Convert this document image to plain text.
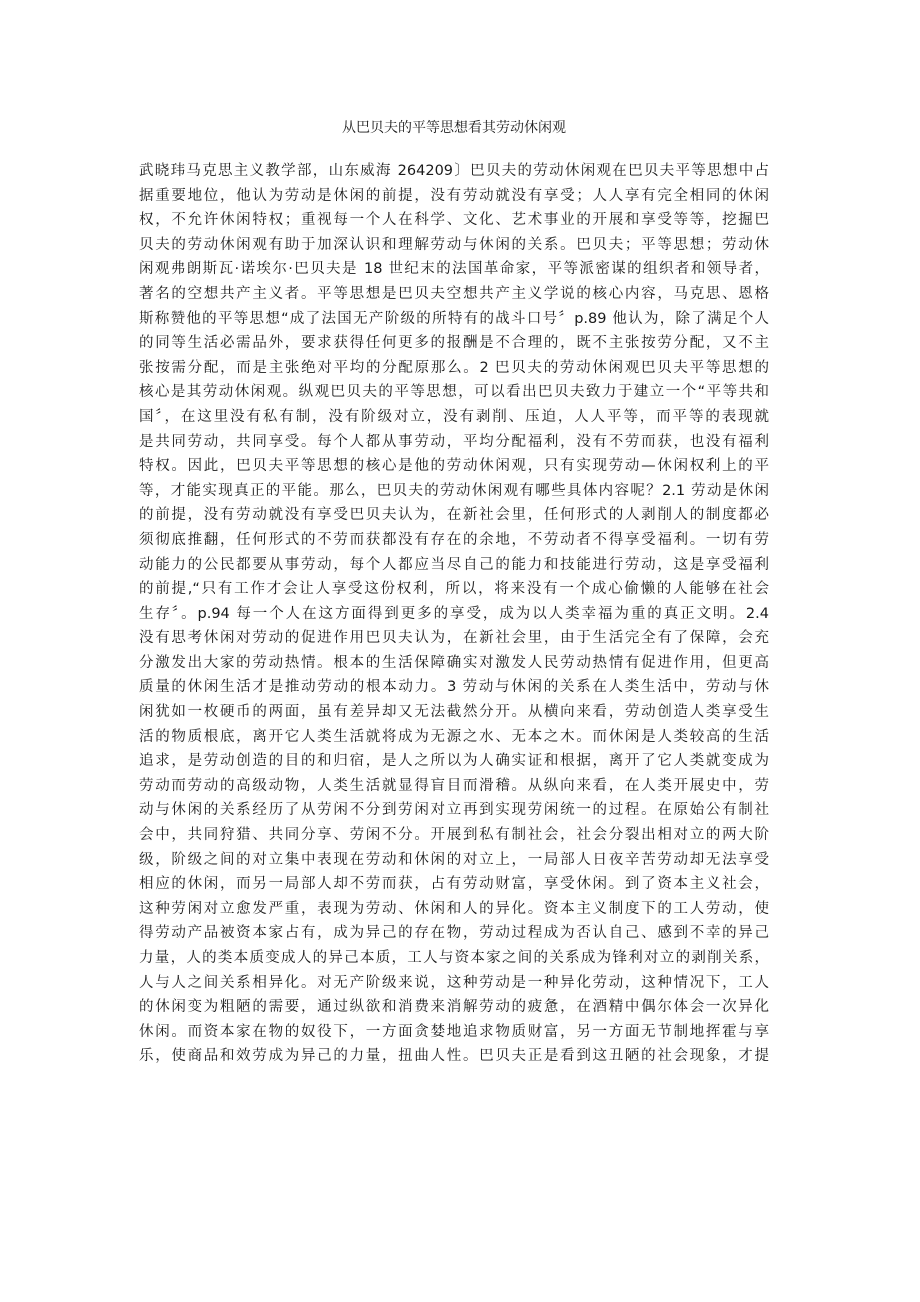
从巴贝夫的平等思想看其劳动休闲观
武晓玮马克思主义教学部，山东威海 264209〕巴贝夫的劳动休闲观在巴贝夫平等思想中占
据重要地位，他认为劳动是休闲的前提，没有劳动就没有享受；人人享有完全相同的休闲
权，不允许休闲特权；重视每一个人在科学、文化、艺术事业的开展和享受等等，挖掘巴
贝夫的劳动休闲观有助于加深认识和理解劳动与休闲的关系。巴贝夫；平等思想；劳动休
闲观弗朗斯瓦·诺埃尔·巴贝夫是 18 世纪末的法国革命家，平等派密谋的组织者和领导者，
著名的空想共产主义者。平等思想是巴贝夫空想共产主义学说的核心内容，马克思、恩格
斯称赞他的平等思想“成了法国无产阶级的所特有的战斗口号〞p.89 他认为，除了满足个人
的同等生活必需品外，要求获得任何更多的报酬是不合理的，既不主张按劳分配，又不主
张按需分配，而是主张绝对平均的分配原那么。2 巴贝夫的劳动休闲观巴贝夫平等思想的
核心是其劳动休闲观。纵观巴贝夫的平等思想，可以看出巴贝夫致力于建立一个“平等共和
国〞，在这里没有私有制，没有阶级对立，没有剥削、压迫，人人平等，而平等的表现就
是共同劳动，共同享受。每个人都从事劳动，平均分配福利，没有不劳而获，也没有福利
特权。因此，巴贝夫平等思想的核心是他的劳动休闲观，只有实现劳动—休闲权利上的平
等，才能实现真正的平能。那么，巴贝夫的劳动休闲观有哪些具体内容呢？2.1 劳动是休闲
的前提，没有劳动就没有享受巴贝夫认为，在新社会里，任何形式的人剥削人的制度都必
须彻底推翻，任何形式的不劳而获都没有存在的余地，不劳动者不得享受福利。一切有劳
动能力的公民都要从事劳动，每个人都应当尽自己的能力和技能进行劳动，这是享受福利
的前提,“只有工作才会让人享受这份权利，所以，将来没有一个成心偷懒的人能够在社会
生存〞。p.94 每一个人在这方面得到更多的享受，成为以人类幸福为重的真正文明。2.4
没有思考休闲对劳动的促进作用巴贝夫认为，在新社会里，由于生活完全有了保障，会充
分激发出大家的劳动热情。根本的生活保障确实对激发人民劳动热情有促进作用，但更高
质量的休闲生活才是推动劳动的根本动力。3 劳动与休闲的关系在人类生活中，劳动与休
闲犹如一枚硬币的两面，虽有差异却又无法截然分开。从横向来看，劳动创造人类享受生
活的物质根底，离开它人类生活就将成为无源之水、无本之木。而休闲是人类较高的生活
追求，是劳动创造的目的和归宿，是人之所以为人确实证和根据，离开了它人类就变成为
劳动而劳动的高级动物，人类生活就显得盲目而滑稽。从纵向来看，在人类开展史中，劳
动与休闲的关系经历了从劳闲不分到劳闲对立再到实现劳闲统一的过程。在原始公有制社
会中，共同狩猎、共同分享、劳闲不分。开展到私有制社会，社会分裂出相对立的两大阶
级，阶级之间的对立集中表现在劳动和休闲的对立上，一局部人日夜辛苦劳动却无法享受
相应的休闲，而另一局部人却不劳而获，占有劳动财富，享受休闲。到了资本主义社会，
这种劳闲对立愈发严重，表现为劳动、休闲和人的异化。资本主义制度下的工人劳动，使
得劳动产品被资本家占有，成为异己的存在物，劳动过程成为否认自己、感到不幸的异己
力量，人的类本质变成人的异己本质，工人与资本家之间的关系成为锋利对立的剥削关系，
人与人之间关系相异化。对无产阶级来说，这种劳动是一种异化劳动，这种情况下，工人
的休闲变为粗陋的需要，通过纵欲和消费来消解劳动的疲惫，在酒精中偶尔体会一次异化
休闲。而资本家在物的奴役下，一方面贪婪地追求物质财富，另一方面无节制地挥霍与享
乐，使商品和效劳成为异己的力量，扭曲人性。巴贝夫正是看到这丑陋的社会现象，才提
